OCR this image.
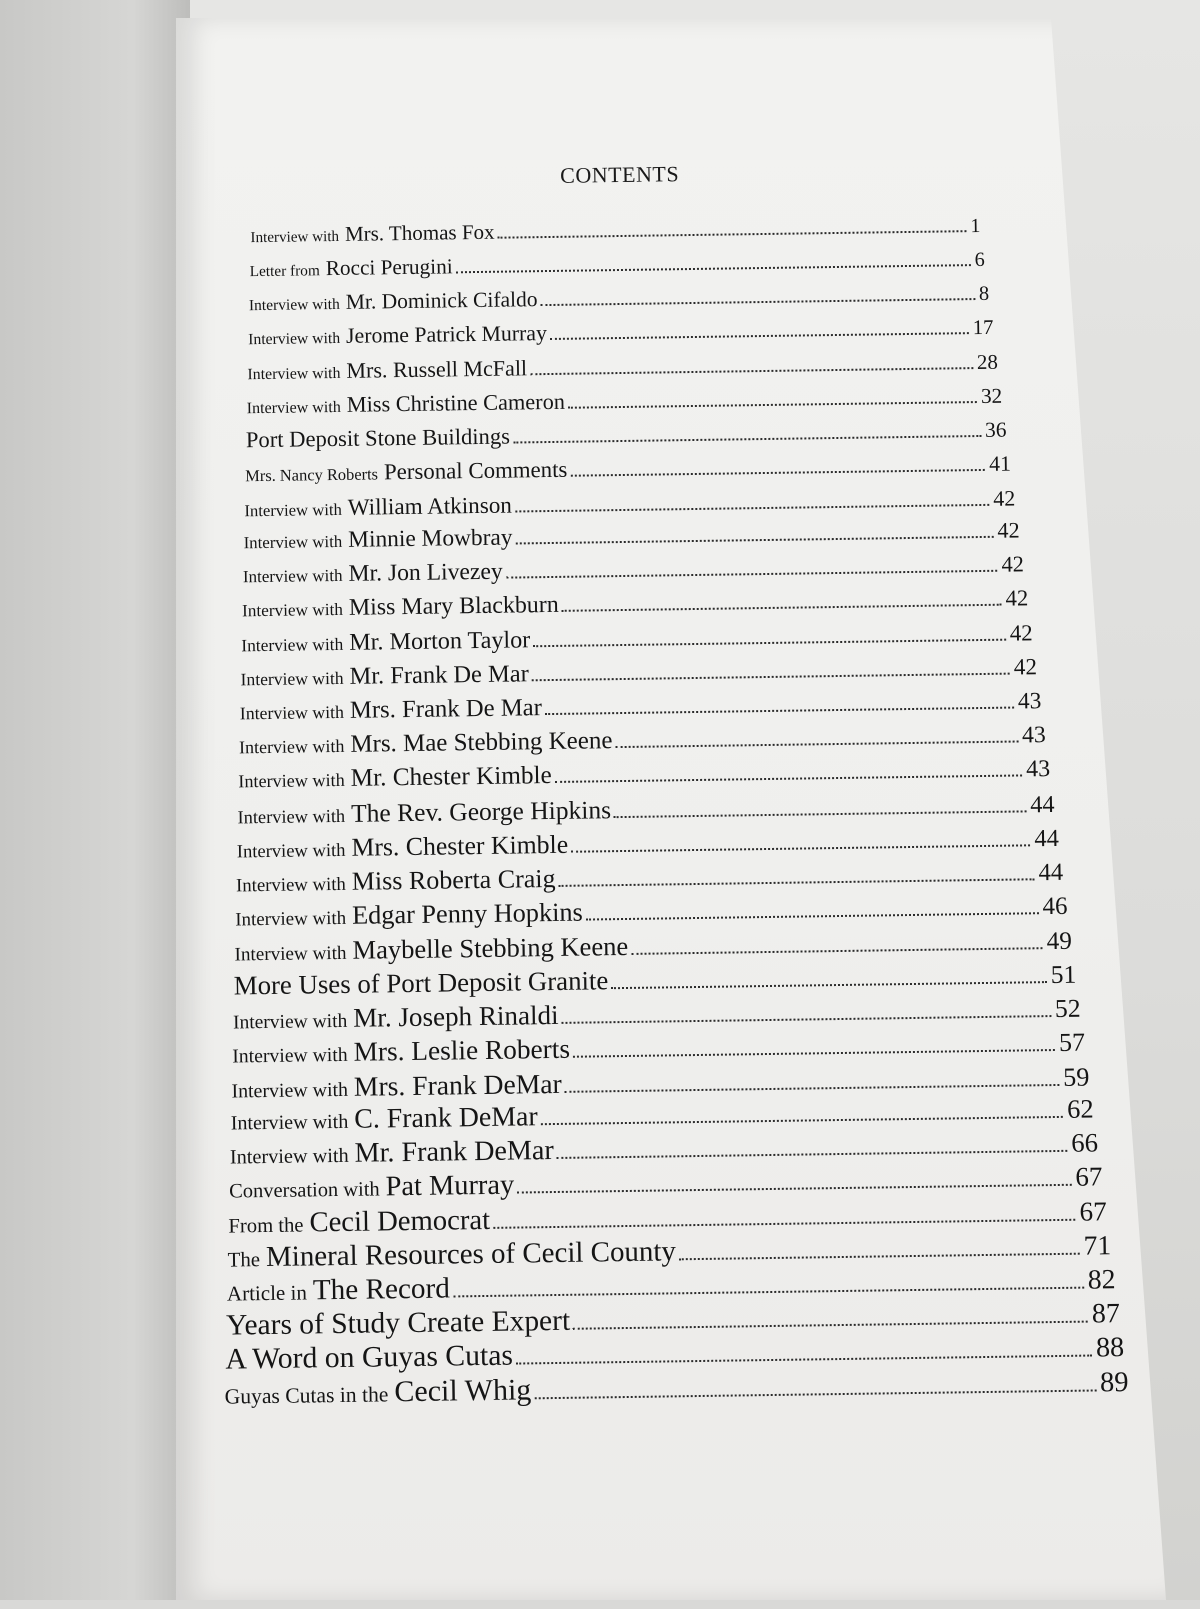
CONTENTS
Interview with Mrs. Thomas Fox	1
Letter from Rocci Perugini	6
Interview with Mr. Dominick Cifaldo	8
Interview with Jerome Patrick Murray	17
Interview with Mrs. Russell McFall	28
Interview with Miss Christine Cameron	32
Port Deposit Stone Buildings	36
Mrs. Nancy Roberts Personal Comments	41
Interview with William Atkinson	42
Interview with Minnie Mowbray	42
Interview with Mr. Jon Livezey	42
Interview with Miss Mary Blackburn	42
Interview with Mr. Morton Taylor	42
Interview with Mr. Frank De Mar	42
Interview with Mrs. Frank De Mar	43
Interview with Mrs. Mae Stebbing Keene	43
Interview with Mr. Chester Kimble	43
Interview with The Rev. George Hipkins	44
Interview with Mrs. Chester Kimble	44
Interview with Miss Roberta Craig	44
Interview with Edgar Penny Hopkins	46
Interview with Maybelle Stebbing Keene	49
More Uses of Port Deposit Granite	51
Interview with Mr. Joseph Rinaldi	52
Interview with Mrs. Leslie Roberts	57
Interview with Mrs. Frank DeMar	59
Interview with C. Frank DeMar	62
Interview with Mr. Frank DeMar	66
Conversation with Pat Murray	67
From the Cecil Democrat	67
The Mineral Resources of Cecil County	71
Article in The Record	82
Years of Study Create Expert	87
A Word on Guyas Cutas	88
Guyas Cutas in the Cecil Whig	89
